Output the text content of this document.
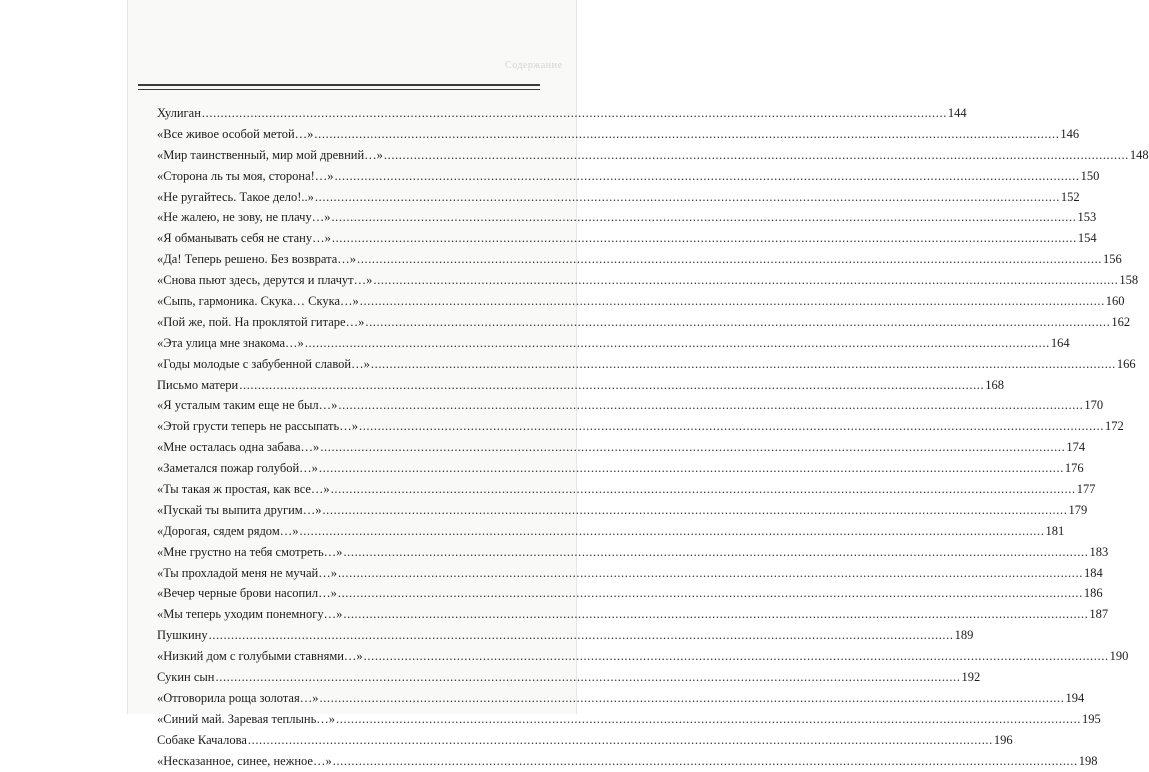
Содержание
Хулиган ........................................................................................................................................................................................................ 144
«Все живое особой метой…» ........................................................................................................................................................................................................ 146
«Мир таинственный, мир мой древний…» ........................................................................................................................................................................................................ 148
«Сторона ль ты моя, сторона!…» ........................................................................................................................................................................................................ 150
«Не ругайтесь. Такое дело!..» ........................................................................................................................................................................................................ 152
«Не жалею, не зову, не плачу…» ........................................................................................................................................................................................................ 153
«Я обманывать себя не стану…» ........................................................................................................................................................................................................ 154
«Да! Теперь решено. Без возврата…» ........................................................................................................................................................................................................ 156
«Снова пьют здесь, дерутся и плачут…» ........................................................................................................................................................................................................ 158
«Сыпь, гармоника. Скука… Скука…» ........................................................................................................................................................................................................ 160
«Пой же, пой. На проклятой гитаре…» ........................................................................................................................................................................................................ 162
«Эта улица мне знакома…» ........................................................................................................................................................................................................ 164
«Годы молодые с забубенной славой…» ........................................................................................................................................................................................................ 166
Письмо матери ........................................................................................................................................................................................................ 168
«Я усталым таким еще не был…» ........................................................................................................................................................................................................ 170
«Этой грусти теперь не рассыпать…» ........................................................................................................................................................................................................ 172
«Мне осталась одна забава…» ........................................................................................................................................................................................................ 174
«Заметался пожар голубой…» ........................................................................................................................................................................................................ 176
«Ты такая ж простая, как все…» ........................................................................................................................................................................................................ 177
«Пускай ты выпита другим…» ........................................................................................................................................................................................................ 179
«Дорогая, сядем рядом…» ........................................................................................................................................................................................................ 181
«Мне грустно на тебя смотреть…» ........................................................................................................................................................................................................ 183
«Ты прохладой меня не мучай…» ........................................................................................................................................................................................................ 184
«Вечер черные брови насопил…» ........................................................................................................................................................................................................ 186
«Мы теперь уходим понемногу…» ........................................................................................................................................................................................................ 187
Пушкину ........................................................................................................................................................................................................ 189
«Низкий дом с голубыми ставнями…» ........................................................................................................................................................................................................ 190
Сукин сын ........................................................................................................................................................................................................ 192
«Отговорила роща золотая…» ........................................................................................................................................................................................................ 194
«Синий май. Заревая теплынь…» ........................................................................................................................................................................................................ 195
Собаке Качалова ........................................................................................................................................................................................................ 196
«Несказанное, синее, нежное…» ........................................................................................................................................................................................................ 198
